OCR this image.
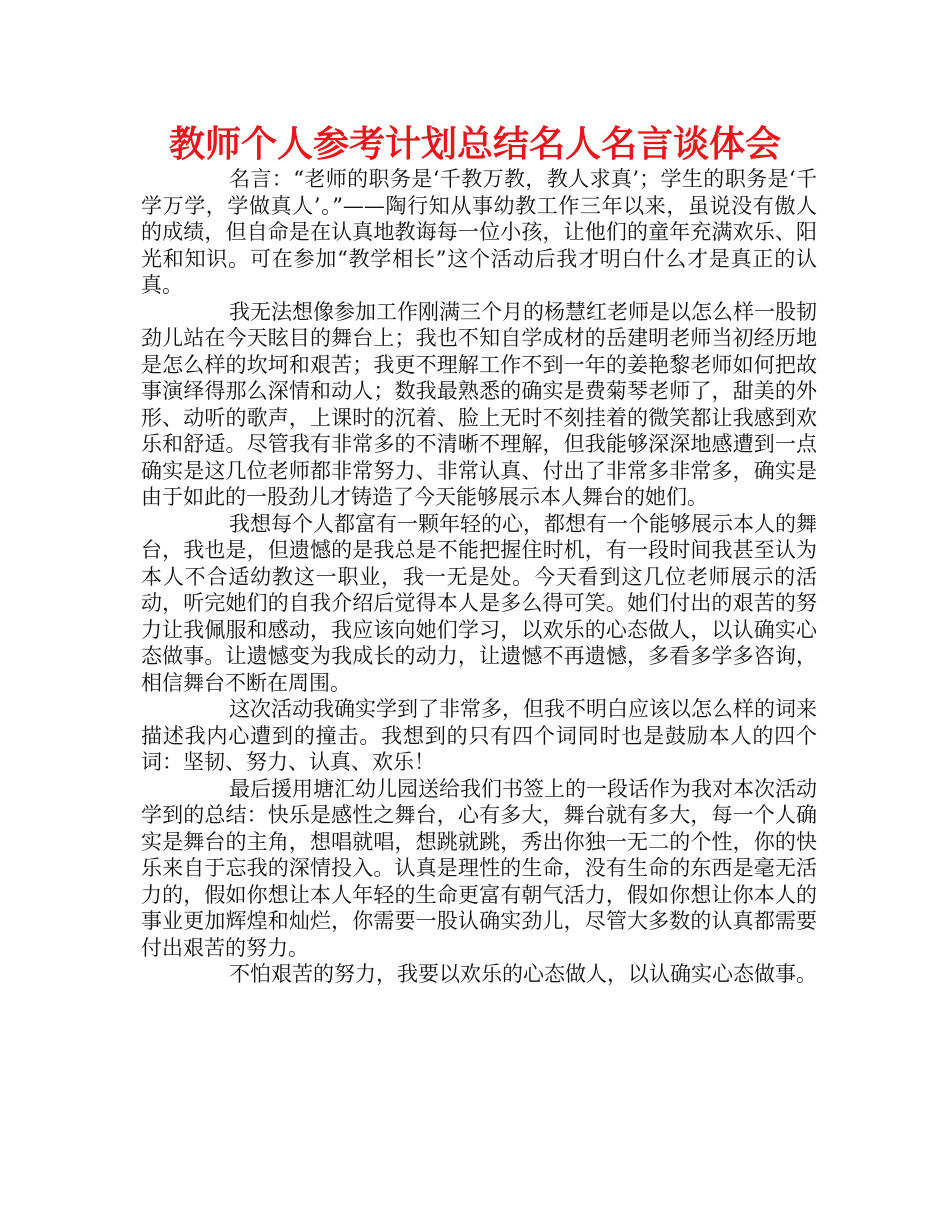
教师个人参考计划总结名人名言谈体会

名言：“老师的职务是‘千教万教，教人求真’；学生的职务是‘千学万学，学做真人’。”——陶行知从事幼教工作三年以来，虽说没有傲人的成绩，但自命是在认真地教诲每一位小孩，让他们的童年充满欢乐、阳光和知识。可在参加“教学相长”这个活动后我才明白什么才是真正的认真。

我无法想像参加工作刚满三个月的杨慧红老师是以怎么样一股韧劲儿站在今天眩目的舞台上；我也不知自学成材的岳建明老师当初经历地是怎么样的坎坷和艰苦；我更不理解工作不到一年的姜艳黎老师如何把故事演绎得那么深情和动人；数我最熟悉的确实是费菊琴老师了，甜美的外形、动听的歌声，上课时的沉着、脸上无时不刻挂着的微笑都让我感到欢乐和舒适。尽管我有非常多的不清晰不理解，但我能够深深地感遭到一点确实是这几位老师都非常努力、非常认真、付出了非常多非常多，确实是由于如此的一股劲儿才铸造了今天能够展示本人舞台的她们。

我想每个人都富有一颗年轻的心，都想有一个能够展示本人的舞台，我也是，但遗憾的是我总是不能把握住时机，有一段时间我甚至认为本人不合适幼教这一职业，我一无是处。今天看到这几位老师展示的活动，听完她们的自我介绍后觉得本人是多么得可笑。她们付出的艰苦的努力让我佩服和感动，我应该向她们学习，以欢乐的心态做人，以认确实心态做事。让遗憾变为我成长的动力，让遗憾不再遗憾，多看多学多咨询，相信舞台不断在周围。

这次活动我确实学到了非常多，但我不明白应该以怎么样的词来描述我内心遭到的撞击。我想到的只有四个词同时也是鼓励本人的四个词：坚韧、努力、认真、欢乐！

最后援用塘汇幼儿园送给我们书签上的一段话作为我对本次活动学到的总结：快乐是感性之舞台，心有多大，舞台就有多大，每一个人确实是舞台的主角，想唱就唱，想跳就跳，秀出你独一无二的个性，你的快乐来自于忘我的深情投入。认真是理性的生命，没有生命的东西是毫无活力的，假如你想让本人年轻的生命更富有朝气活力，假如你想让你本人的事业更加辉煌和灿烂，你需要一股认确实劲儿，尽管大多数的认真都需要付出艰苦的努力。

不怕艰苦的努力，我要以欢乐的心态做人，以认确实心态做事。
